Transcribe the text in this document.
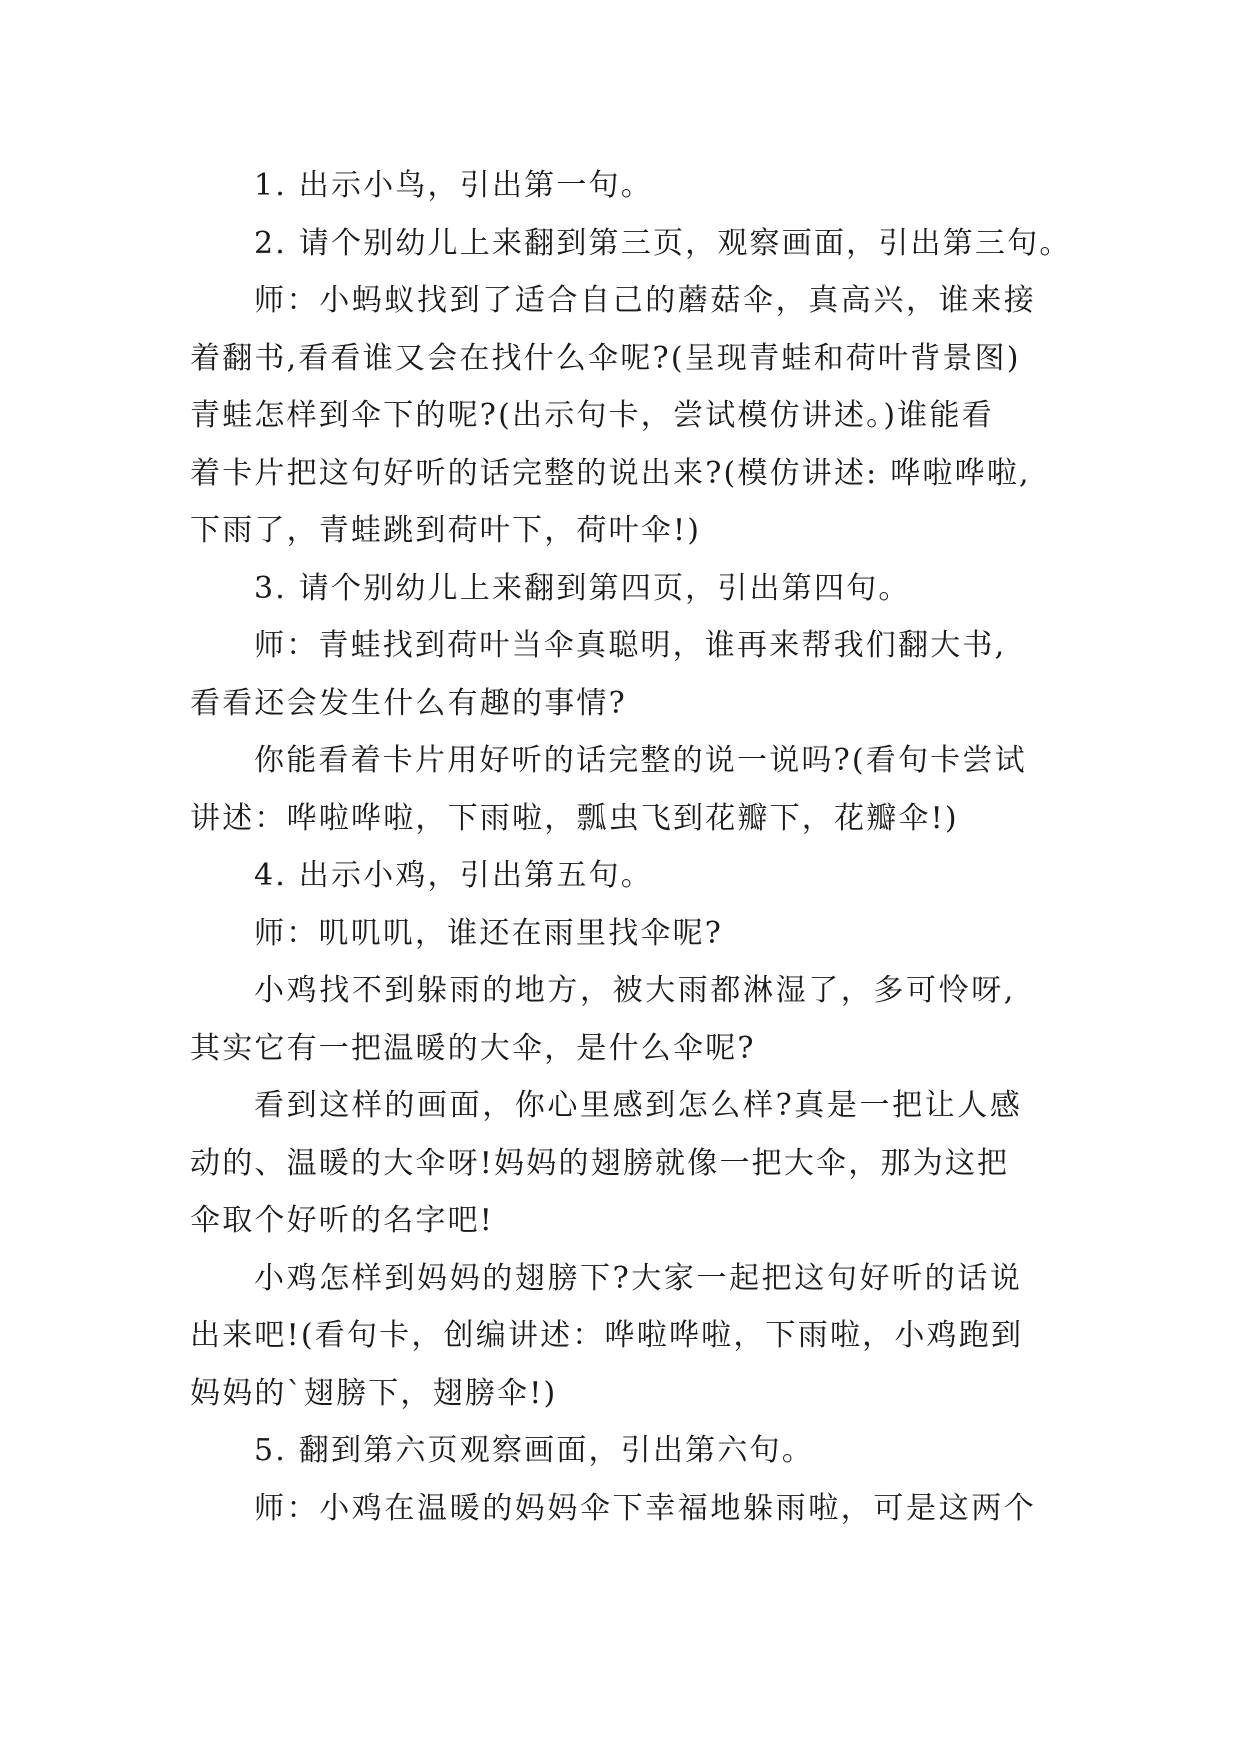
1. 出示小鸟，引出第一句。
2. 请个别幼儿上来翻到第三页，观察画面，引出第三句。
师：小蚂蚁找到了适合自己的蘑菇伞，真高兴，谁来接
着翻书,看看谁又会在找什么伞呢?(呈现青蛙和荷叶背景图)
青蛙怎样到伞下的呢?(出示句卡，尝试模仿讲述。)谁能看
着卡片把这句好听的话完整的说出来?(模仿讲述: 哗啦哗啦,
下雨了，青蛙跳到荷叶下，荷叶伞!)
3. 请个别幼儿上来翻到第四页，引出第四句。
师：青蛙找到荷叶当伞真聪明，谁再来帮我们翻大书,
看看还会发生什么有趣的事情?
你能看着卡片用好听的话完整的说一说吗?(看句卡尝试
讲述：哗啦哗啦，下雨啦，瓢虫飞到花瓣下，花瓣伞!)
4. 出示小鸡，引出第五句。
师：叽叽叽，谁还在雨里找伞呢?
小鸡找不到躲雨的地方，被大雨都淋湿了，多可怜呀,
其实它有一把温暖的大伞，是什么伞呢?
看到这样的画面，你心里感到怎么样?真是一把让人感
动的、温暖的大伞呀!妈妈的翅膀就像一把大伞，那为这把
伞取个好听的名字吧!
小鸡怎样到妈妈的翅膀下?大家一起把这句好听的话说
出来吧!(看句卡，创编讲述：哗啦哗啦，下雨啦，小鸡跑到
妈妈的`翅膀下，翅膀伞!)
5. 翻到第六页观察画面，引出第六句。
师：小鸡在温暖的妈妈伞下幸福地躲雨啦，可是这两个
